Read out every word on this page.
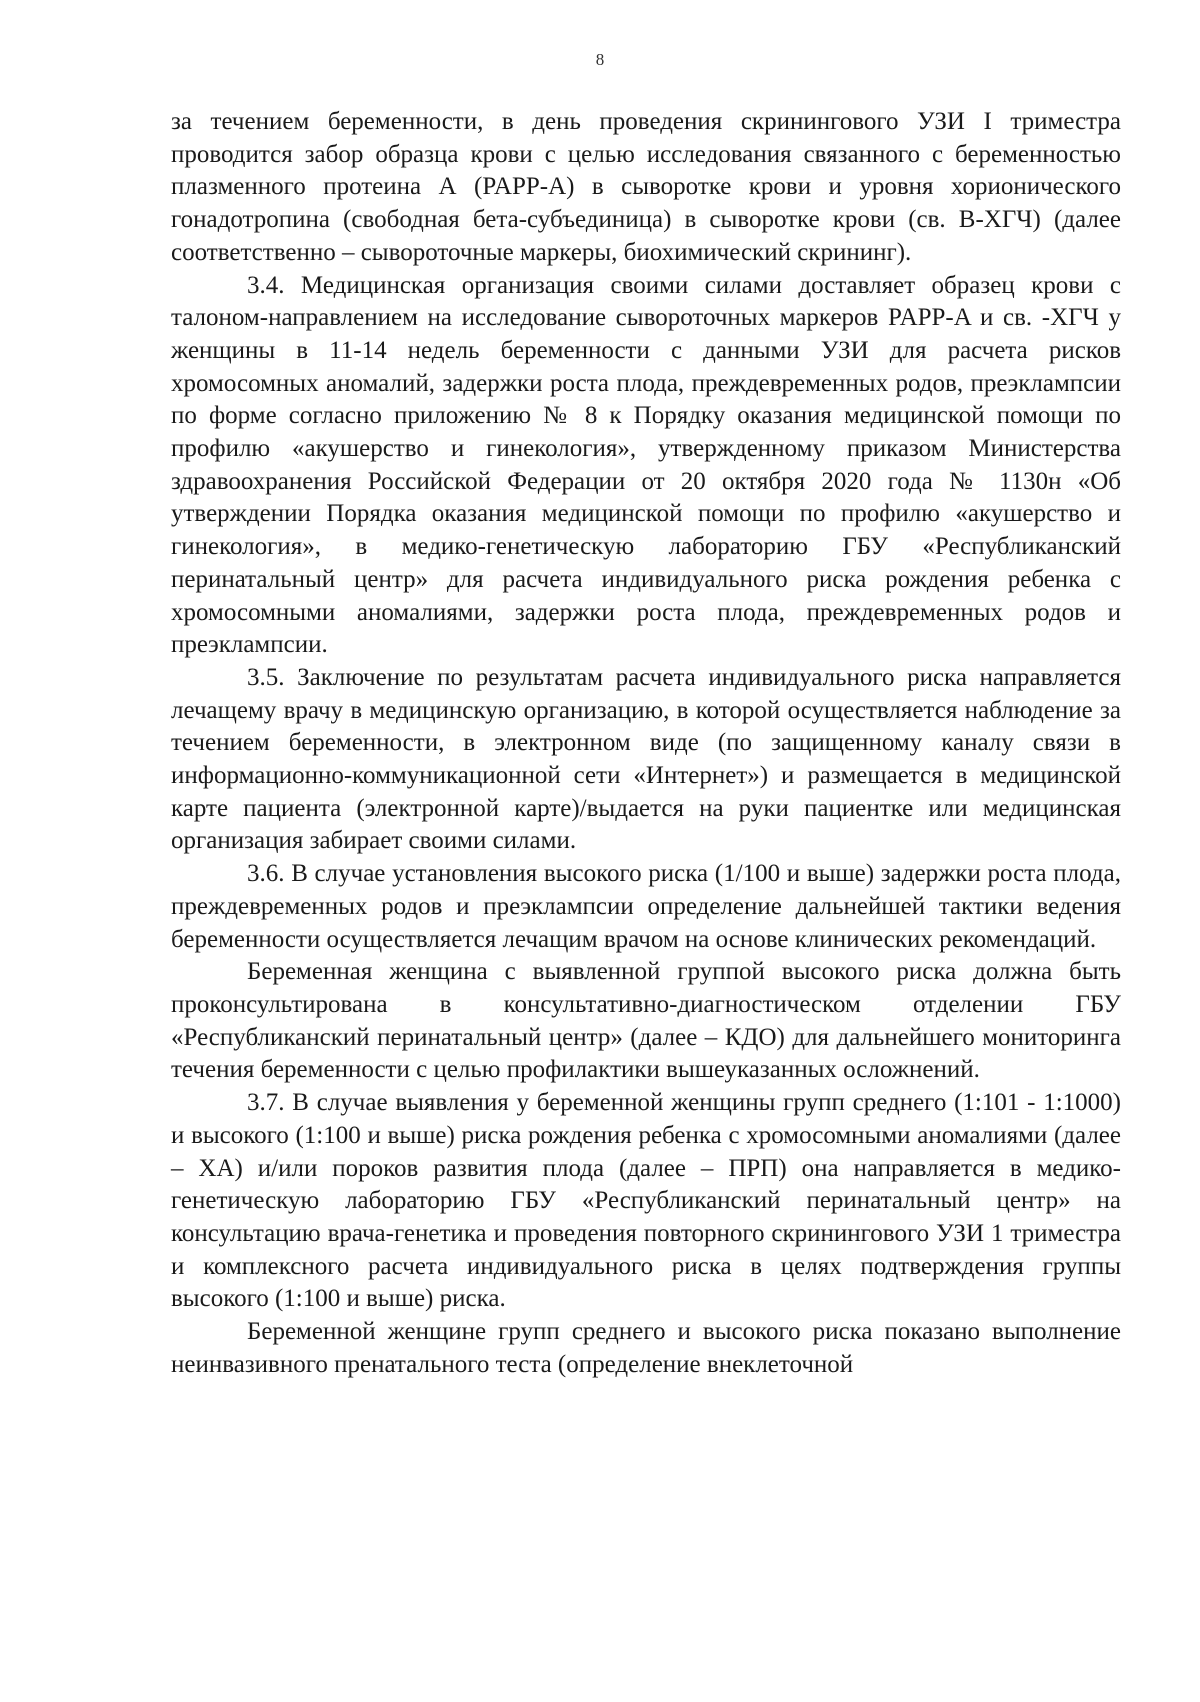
8

за течением беременности, в день проведения скринингового УЗИ I триместра проводится забор образца крови с целью исследования связанного с беременностью плазменного протеина А (PAPP-A) в сыворотке крови и уровня хорионического гонадотропина (свободная бета-субъединица) в сыворотке крови (св. В-ХГЧ) (далее соответственно – сывороточные маркеры, биохимический скрининг).

3.4. Медицинская организация своими силами доставляет образец крови с талоном-направлением на исследование сывороточных маркеров PAPP-A и св. -ХГЧ у женщины в 11-14 недель беременности с данными УЗИ для расчета рисков хромосомных аномалий, задержки роста плода, преждевременных родов, преэклампсии по форме согласно приложению № 8 к Порядку оказания медицинской помощи по профилю «акушерство и гинекология», утвержденному приказом Министерства здравоохранения Российской Федерации от 20 октября 2020 года № 1130н «Об утверждении Порядка оказания медицинской помощи по профилю «акушерство и гинекология», в медико-генетическую лабораторию ГБУ «Республиканский перинатальный центр» для расчета индивидуального риска рождения ребенка с хромосомными аномалиями, задержки роста плода, преждевременных родов и преэклампсии.

3.5. Заключение по результатам расчета индивидуального риска направляется лечащему врачу в медицинскую организацию, в которой осуществляется наблюдение за течением беременности, в электронном виде (по защищенному каналу связи в информационно-коммуникационной сети «Интернет») и размещается в медицинской карте пациента (электронной карте)/выдается на руки пациентке или медицинская организация забирает своими силами.

3.6. В случае установления высокого риска (1/100 и выше) задержки роста плода, преждевременных родов и преэклампсии определение дальнейшей тактики ведения беременности осуществляется лечащим врачом на основе клинических рекомендаций.

Беременная женщина с выявленной группой высокого риска должна быть проконсультирована в консультативно-диагностическом отделении ГБУ «Республиканский перинатальный центр» (далее – КДО) для дальнейшего мониторинга течения беременности с целью профилактики вышеуказанных осложнений.

3.7. В случае выявления у беременной женщины групп среднего (1:101 - 1:1000) и высокого (1:100 и выше) риска рождения ребенка с хромосомными аномалиями (далее – ХА) и/или пороков развития плода (далее – ПРП) она направляется в медико-генетическую лабораторию ГБУ «Республиканский перинатальный центр» на консультацию врача-генетика и проведения повторного скринингового УЗИ 1 триместра и комплексного расчета индивидуального риска в целях подтверждения группы высокого (1:100 и выше) риска.

Беременной женщине групп среднего и высокого риска показано выполнение неинвазивного пренатального теста (определение внеклеточной
